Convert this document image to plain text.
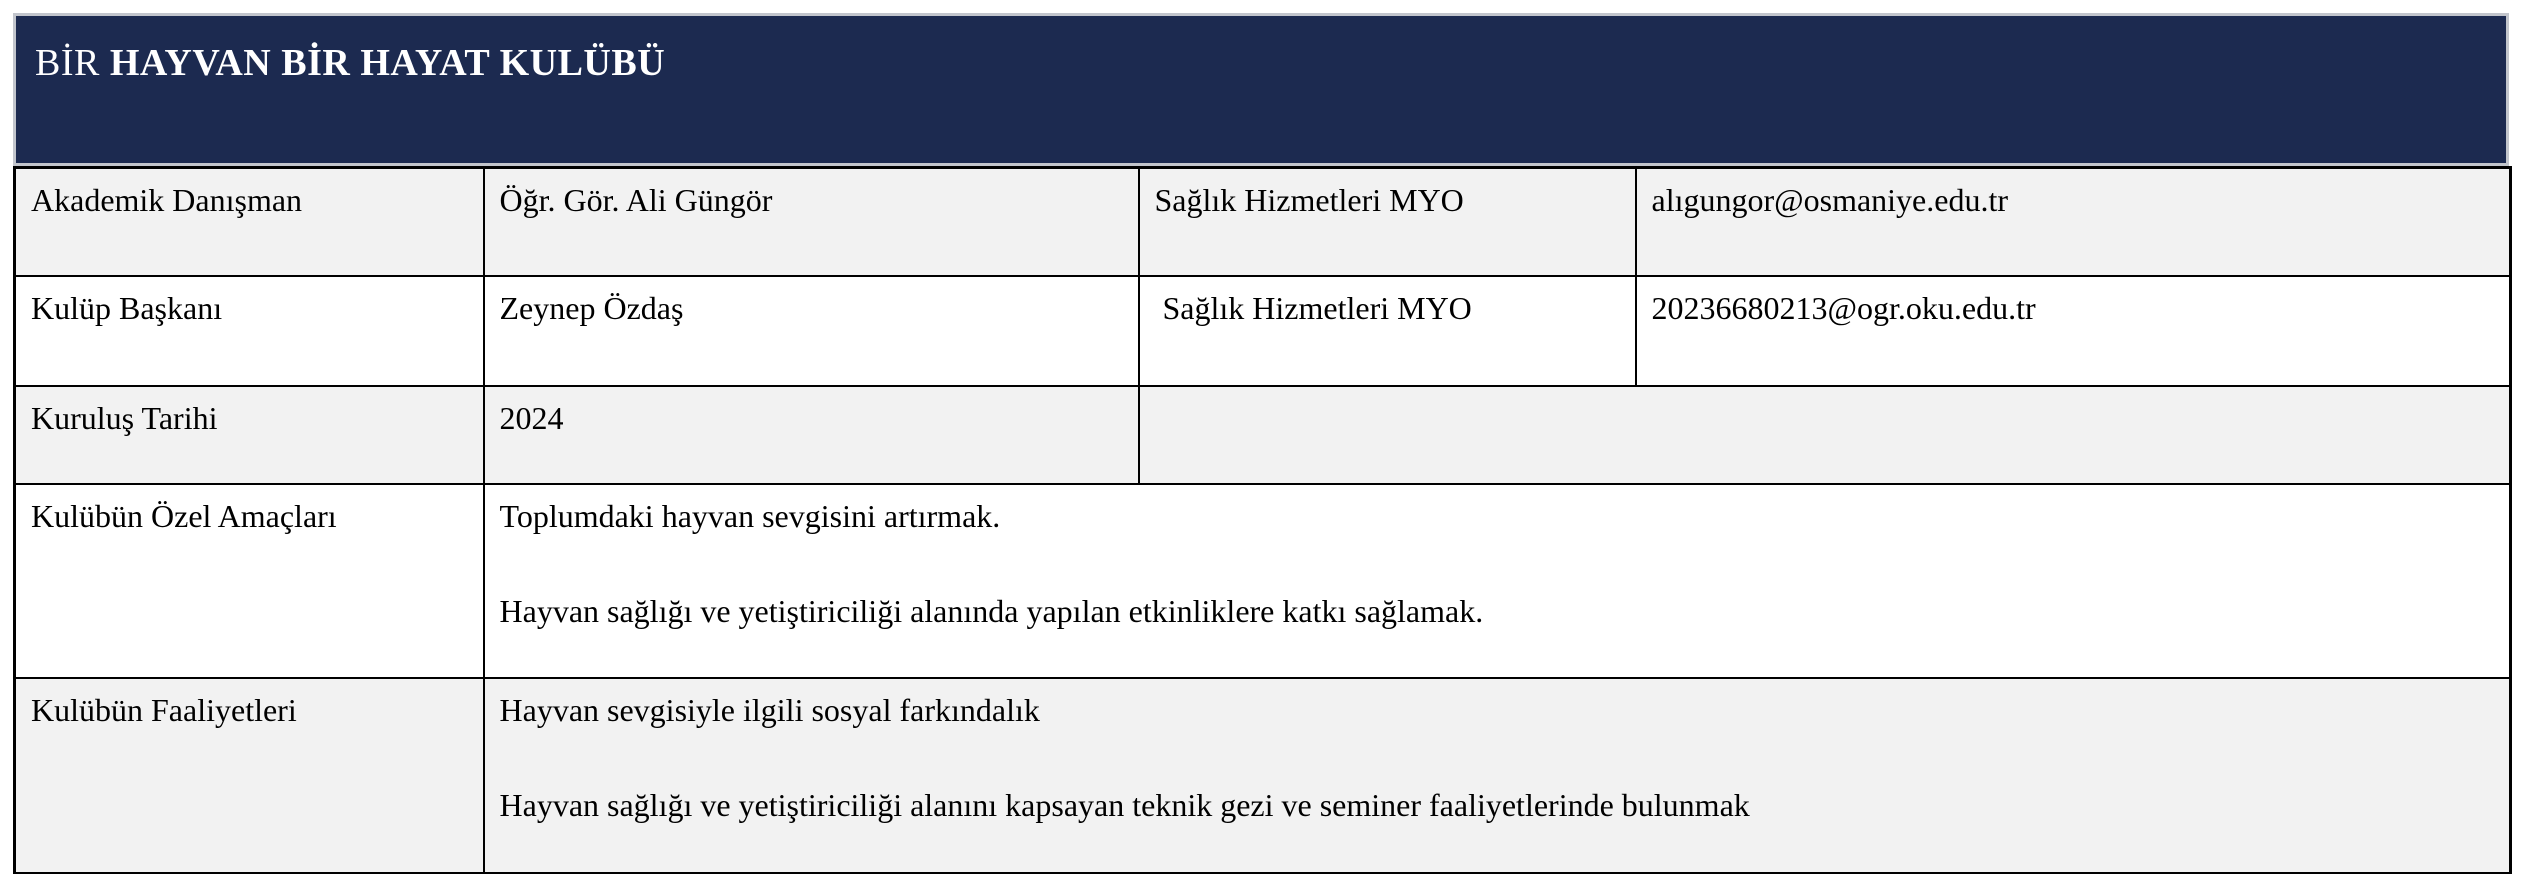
BİR HAYVAN BİR HAYAT KULÜBÜ
Akademik Danışman	Öğr. Gör. Ali Güngör	Sağlık Hizmetleri MYO	alıgungor@osmaniye.edu.tr
Kulüp Başkanı	Zeynep Özdaş	Sağlık Hizmetleri MYO	20236680213@ogr.oku.edu.tr
Kuruluş Tarihi	2024		
Kulübün Özel Amaçları	Toplumdaki hayvan sevgisini artırmak.
Hayvan sağlığı ve yetiştiriciliği alanında yapılan etkinliklere katkı sağlamak.		

Kulübün Faaliyetleri	Hayvan sevgisiyle ilgili sosyal farkındalık
Hayvan sağlığı ve yetiştiriciliği alanını kapsayan teknik gezi ve seminer faaliyetlerinde bulunmak		
